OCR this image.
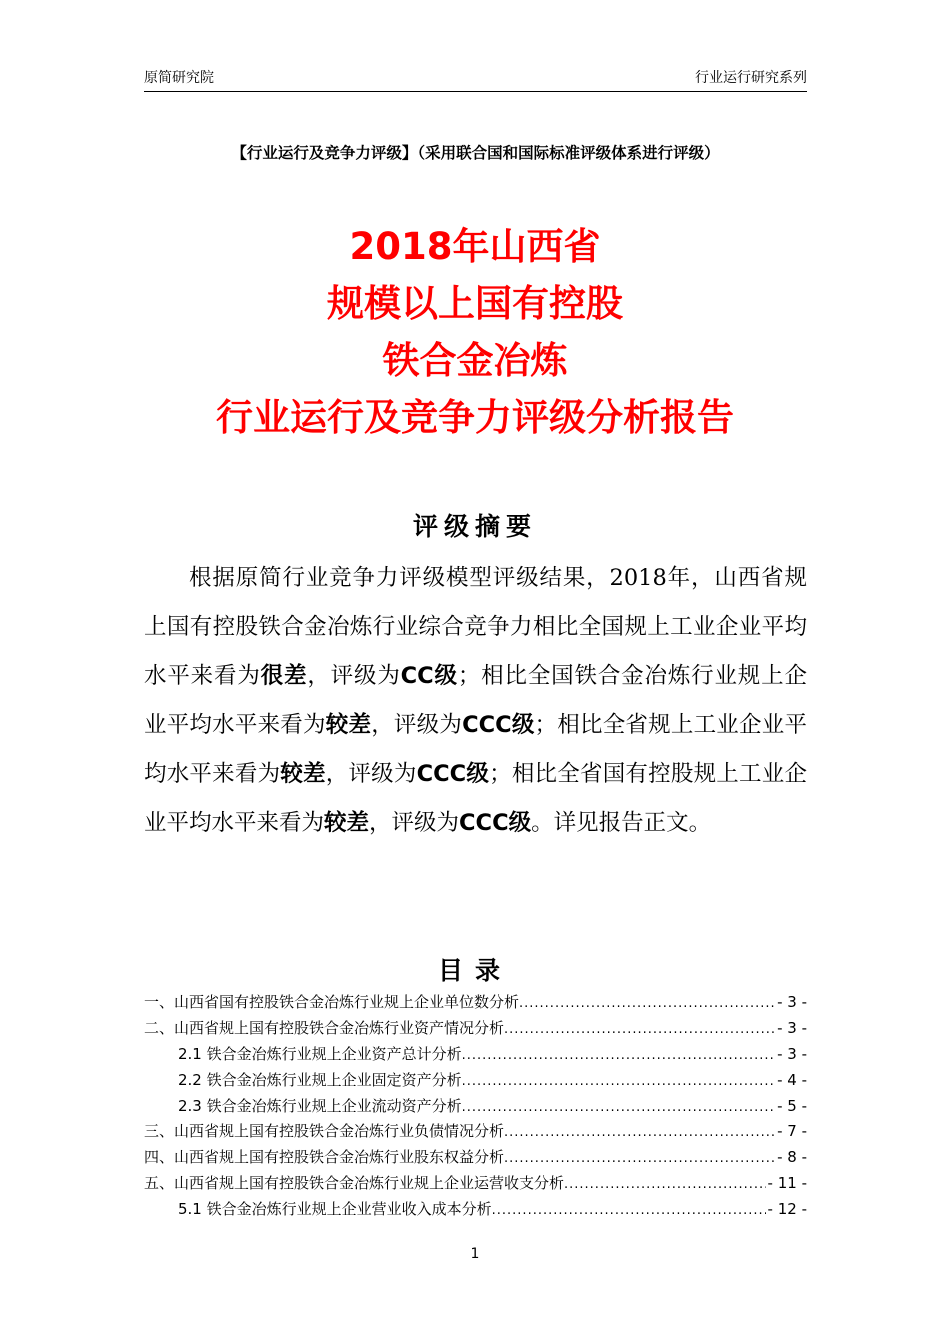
原简研究院	行业运行研究系列
【行业运行及竞争力评级】（采用联合国和国际标准评级体系进行评级）
2018年山西省
规模以上国有控股
铁合金冶炼
行业运行及竞争力评级分析报告
评级摘要

根据原简行业竞争力评级模型评级结果，2018年，山西省规上国有控股铁合金冶炼行业综合竞争力相比全国规上工业企业平均水平来看为很差，评级为CC级；相比全国铁合金冶炼行业规上企业平均水平来看为较差，评级为CCC级；相比全省规上工业企业平均水平来看为较差，评级为CCC级；相比全省国有控股规上工业企业平均水平来看为较差，评级为CCC级。详见报告正文。

目录
一、山西省国有控股铁合金冶炼行业规上企业单位数分析 .....	- 3 -
二、山西省规上国有控股铁合金冶炼行业资产情况分析 .....	- 3 -
2.1 铁合金冶炼行业规上企业资产总计分析 .....	- 3 -
2.2 铁合金冶炼行业规上企业固定资产分析 .....	- 4 -
2.3 铁合金冶炼行业规上企业流动资产分析 .....	- 5 -
三、山西省规上国有控股铁合金冶炼行业负债情况分析 .....	- 7 -
四、山西省规上国有控股铁合金冶炼行业股东权益分析 .....	- 8 -
五、山西省规上国有控股铁合金冶炼行业规上企业运营收支分析 .....	- 11 -
5.1 铁合金冶炼行业规上企业营业收入成本分析 .....	- 12 -
1
